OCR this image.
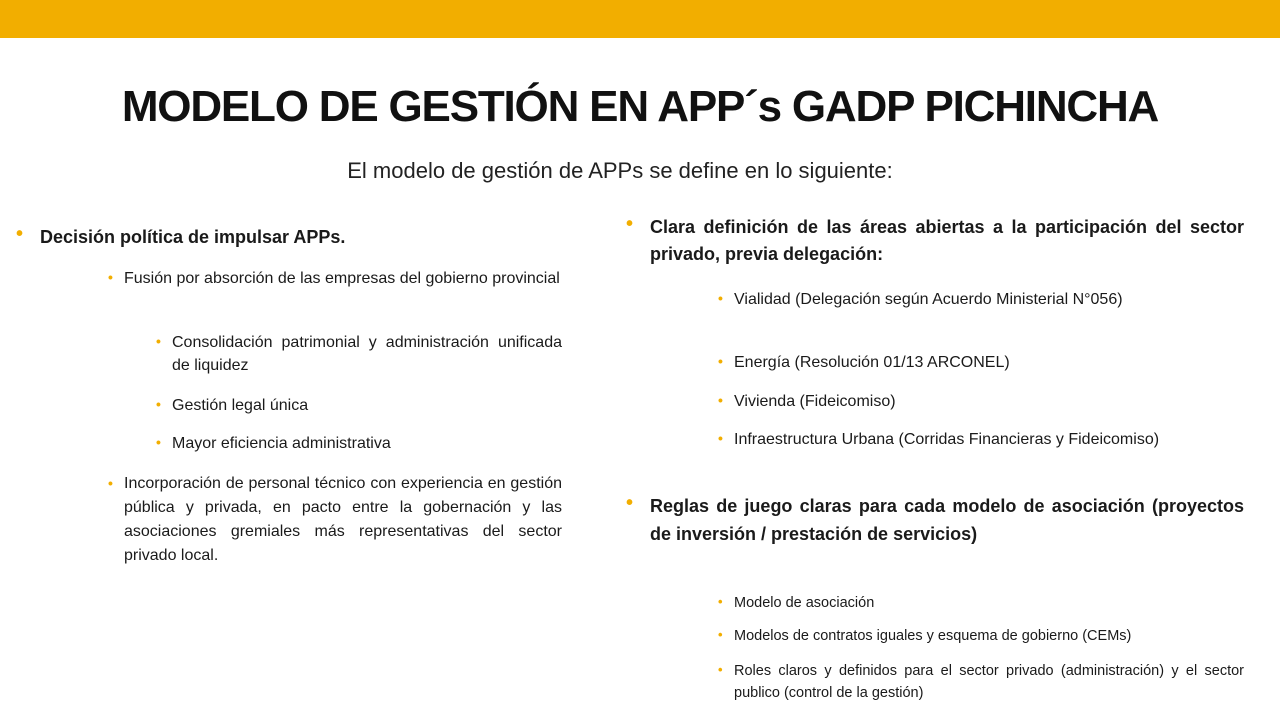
MODELO DE GESTIÓN EN APP´s GADP PICHINCHA

El modelo de gestión de APPs se define en lo siguiente:

• Decisión política de impulsar APPs.
• Fusión por absorción de las empresas del gobierno provincial
• Consolidación patrimonial y administración unificada de liquidez
• Gestión legal única
• Mayor eficiencia administrativa
• Incorporación de personal técnico con experiencia en gestión pública y privada, en pacto entre la gobernación y las asociaciones gremiales más representativas del sector privado local.
• Clara definición de las áreas abiertas a la participación del sector privado, previa delegación:
• Vialidad (Delegación según Acuerdo Ministerial N°056)
• Energía (Resolución 01/13 ARCONEL)
• Vivienda (Fideicomiso)
• Infraestructura Urbana (Corridas Financieras y Fideicomiso)
• Reglas de juego claras para cada modelo de asociación (proyectos de inversión / prestación de servicios)
• Modelo de asociación
• Modelos de contratos iguales y esquema de gobierno (CEMs)
• Roles claros y definidos para el sector privado (administración) y el sector publico (control de la gestión)
